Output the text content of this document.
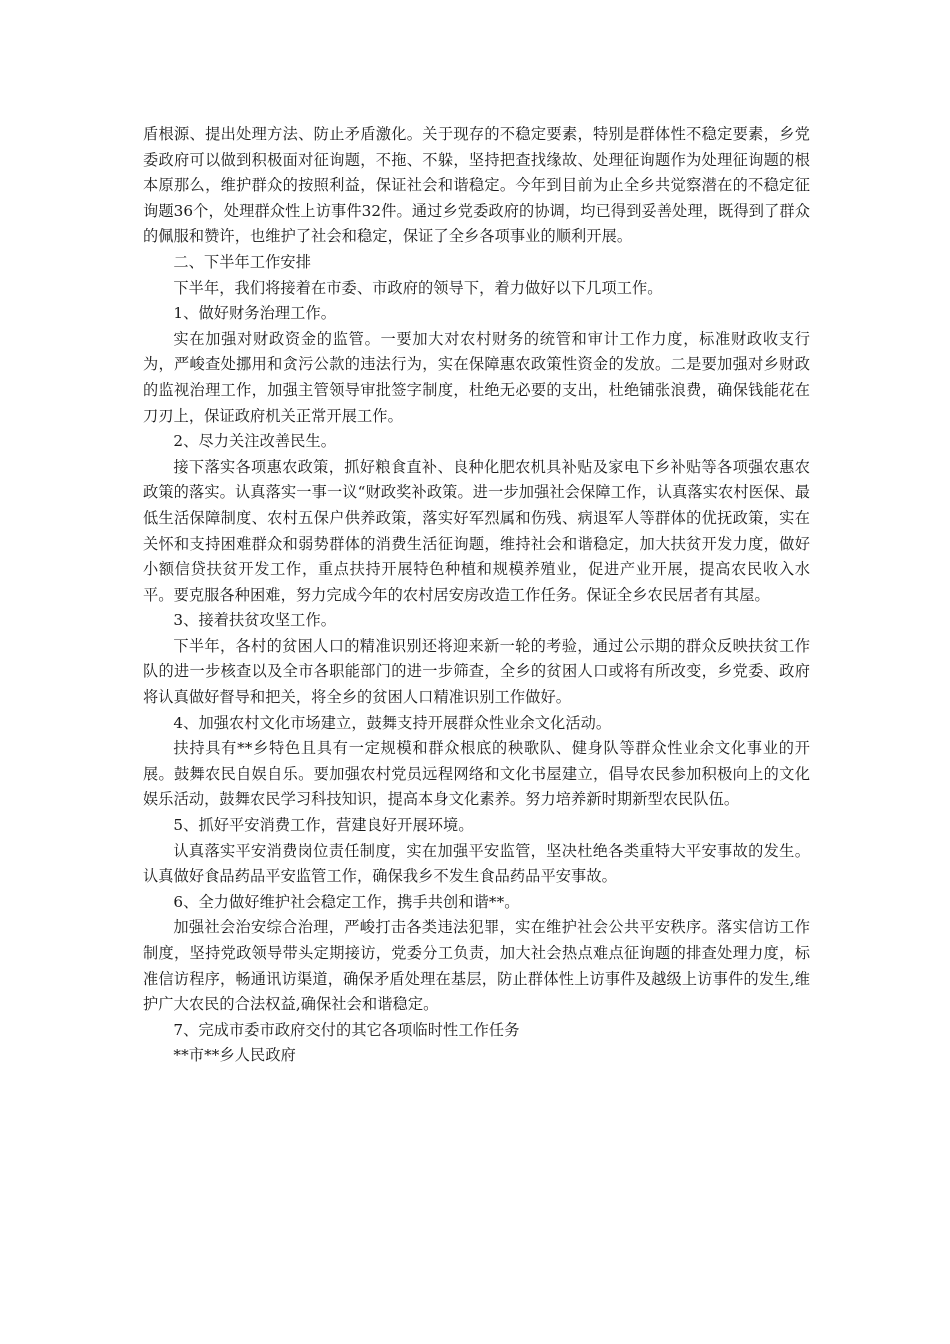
盾根源、提出处理方法、防止矛盾激化。关于现存的不稳定要素，特别是群体性不稳定要素，乡党委政府可以做到积极面对征询题，不拖、不躲，坚持把查找缘故、处理征询题作为处理征询题的根本原那么，维护群众的按照利益，保证社会和谐稳定。今年到目前为止全乡共觉察潜在的不稳定征询题36个，处理群众性上访事件32件。通过乡党委政府的协调，均已得到妥善处理，既得到了群众的佩服和赞许，也维护了社会和稳定，保证了全乡各项事业的顺利开展。

二、下半年工作安排

下半年，我们将接着在市委、市政府的领导下，着力做好以下几项工作。

1、做好财务治理工作。

实在加强对财政资金的监管。一要加大对农村财务的统管和审计工作力度，标准财政收支行为，严峻查处挪用和贪污公款的违法行为，实在保障惠农政策性资金的发放。二是要加强对乡财政的监视治理工作，加强主管领导审批签字制度，杜绝无必要的支出，杜绝铺张浪费，确保钱能花在刀刃上，保证政府机关正常开展工作。

2、尽力关注改善民生。

接下落实各项惠农政策，抓好粮食直补、良种化肥农机具补贴及家电下乡补贴等各项强农惠农政策的落实。认真落实一事一议“财政奖补政策。进一步加强社会保障工作，认真落实农村医保、最低生活保障制度、农村五保户供养政策，落实好军烈属和伤残、病退军人等群体的优抚政策，实在关怀和支持困难群众和弱势群体的消费生活征询题，维持社会和谐稳定，加大扶贫开发力度，做好小额信贷扶贫开发工作，重点扶持开展特色种植和规模养殖业，促进产业开展，提高农民收入水平。要克服各种困难，努力完成今年的农村居安房改造工作任务。保证全乡农民居者有其屋。

3、接着扶贫攻坚工作。

下半年，各村的贫困人口的精准识别还将迎来新一轮的考验，通过公示期的群众反映扶贫工作队的进一步核查以及全市各职能部门的进一步筛查，全乡的贫困人口或将有所改变，乡党委、政府将认真做好督导和把关，将全乡的贫困人口精准识别工作做好。

4、加强农村文化市场建立，鼓舞支持开展群众性业余文化活动。

扶持具有**乡特色且具有一定规模和群众根底的秧歌队、健身队等群众性业余文化事业的开展。鼓舞农民自娱自乐。要加强农村党员远程网络和文化书屋建立，倡导农民参加积极向上的文化娱乐活动，鼓舞农民学习科技知识，提高本身文化素养。努力培养新时期新型农民队伍。

5、抓好平安消费工作，营建良好开展环境。

认真落实平安消费岗位责任制度，实在加强平安监管，坚决杜绝各类重特大平安事故的发生。认真做好食品药品平安监管工作，确保我乡不发生食品药品平安事故。

6、全力做好维护社会稳定工作，携手共创和谐**。

加强社会治安综合治理，严峻打击各类违法犯罪，实在维护社会公共平安秩序。落实信访工作制度，坚持党政领导带头定期接访，党委分工负责，加大社会热点难点征询题的排查处理力度，标准信访程序，畅通讯访渠道，确保矛盾处理在基层，防止群体性上访事件及越级上访事件的发生,维护广大农民的合法权益,确保社会和谐稳定。

7、完成市委市政府交付的其它各项临时性工作任务

**市**乡人民政府
